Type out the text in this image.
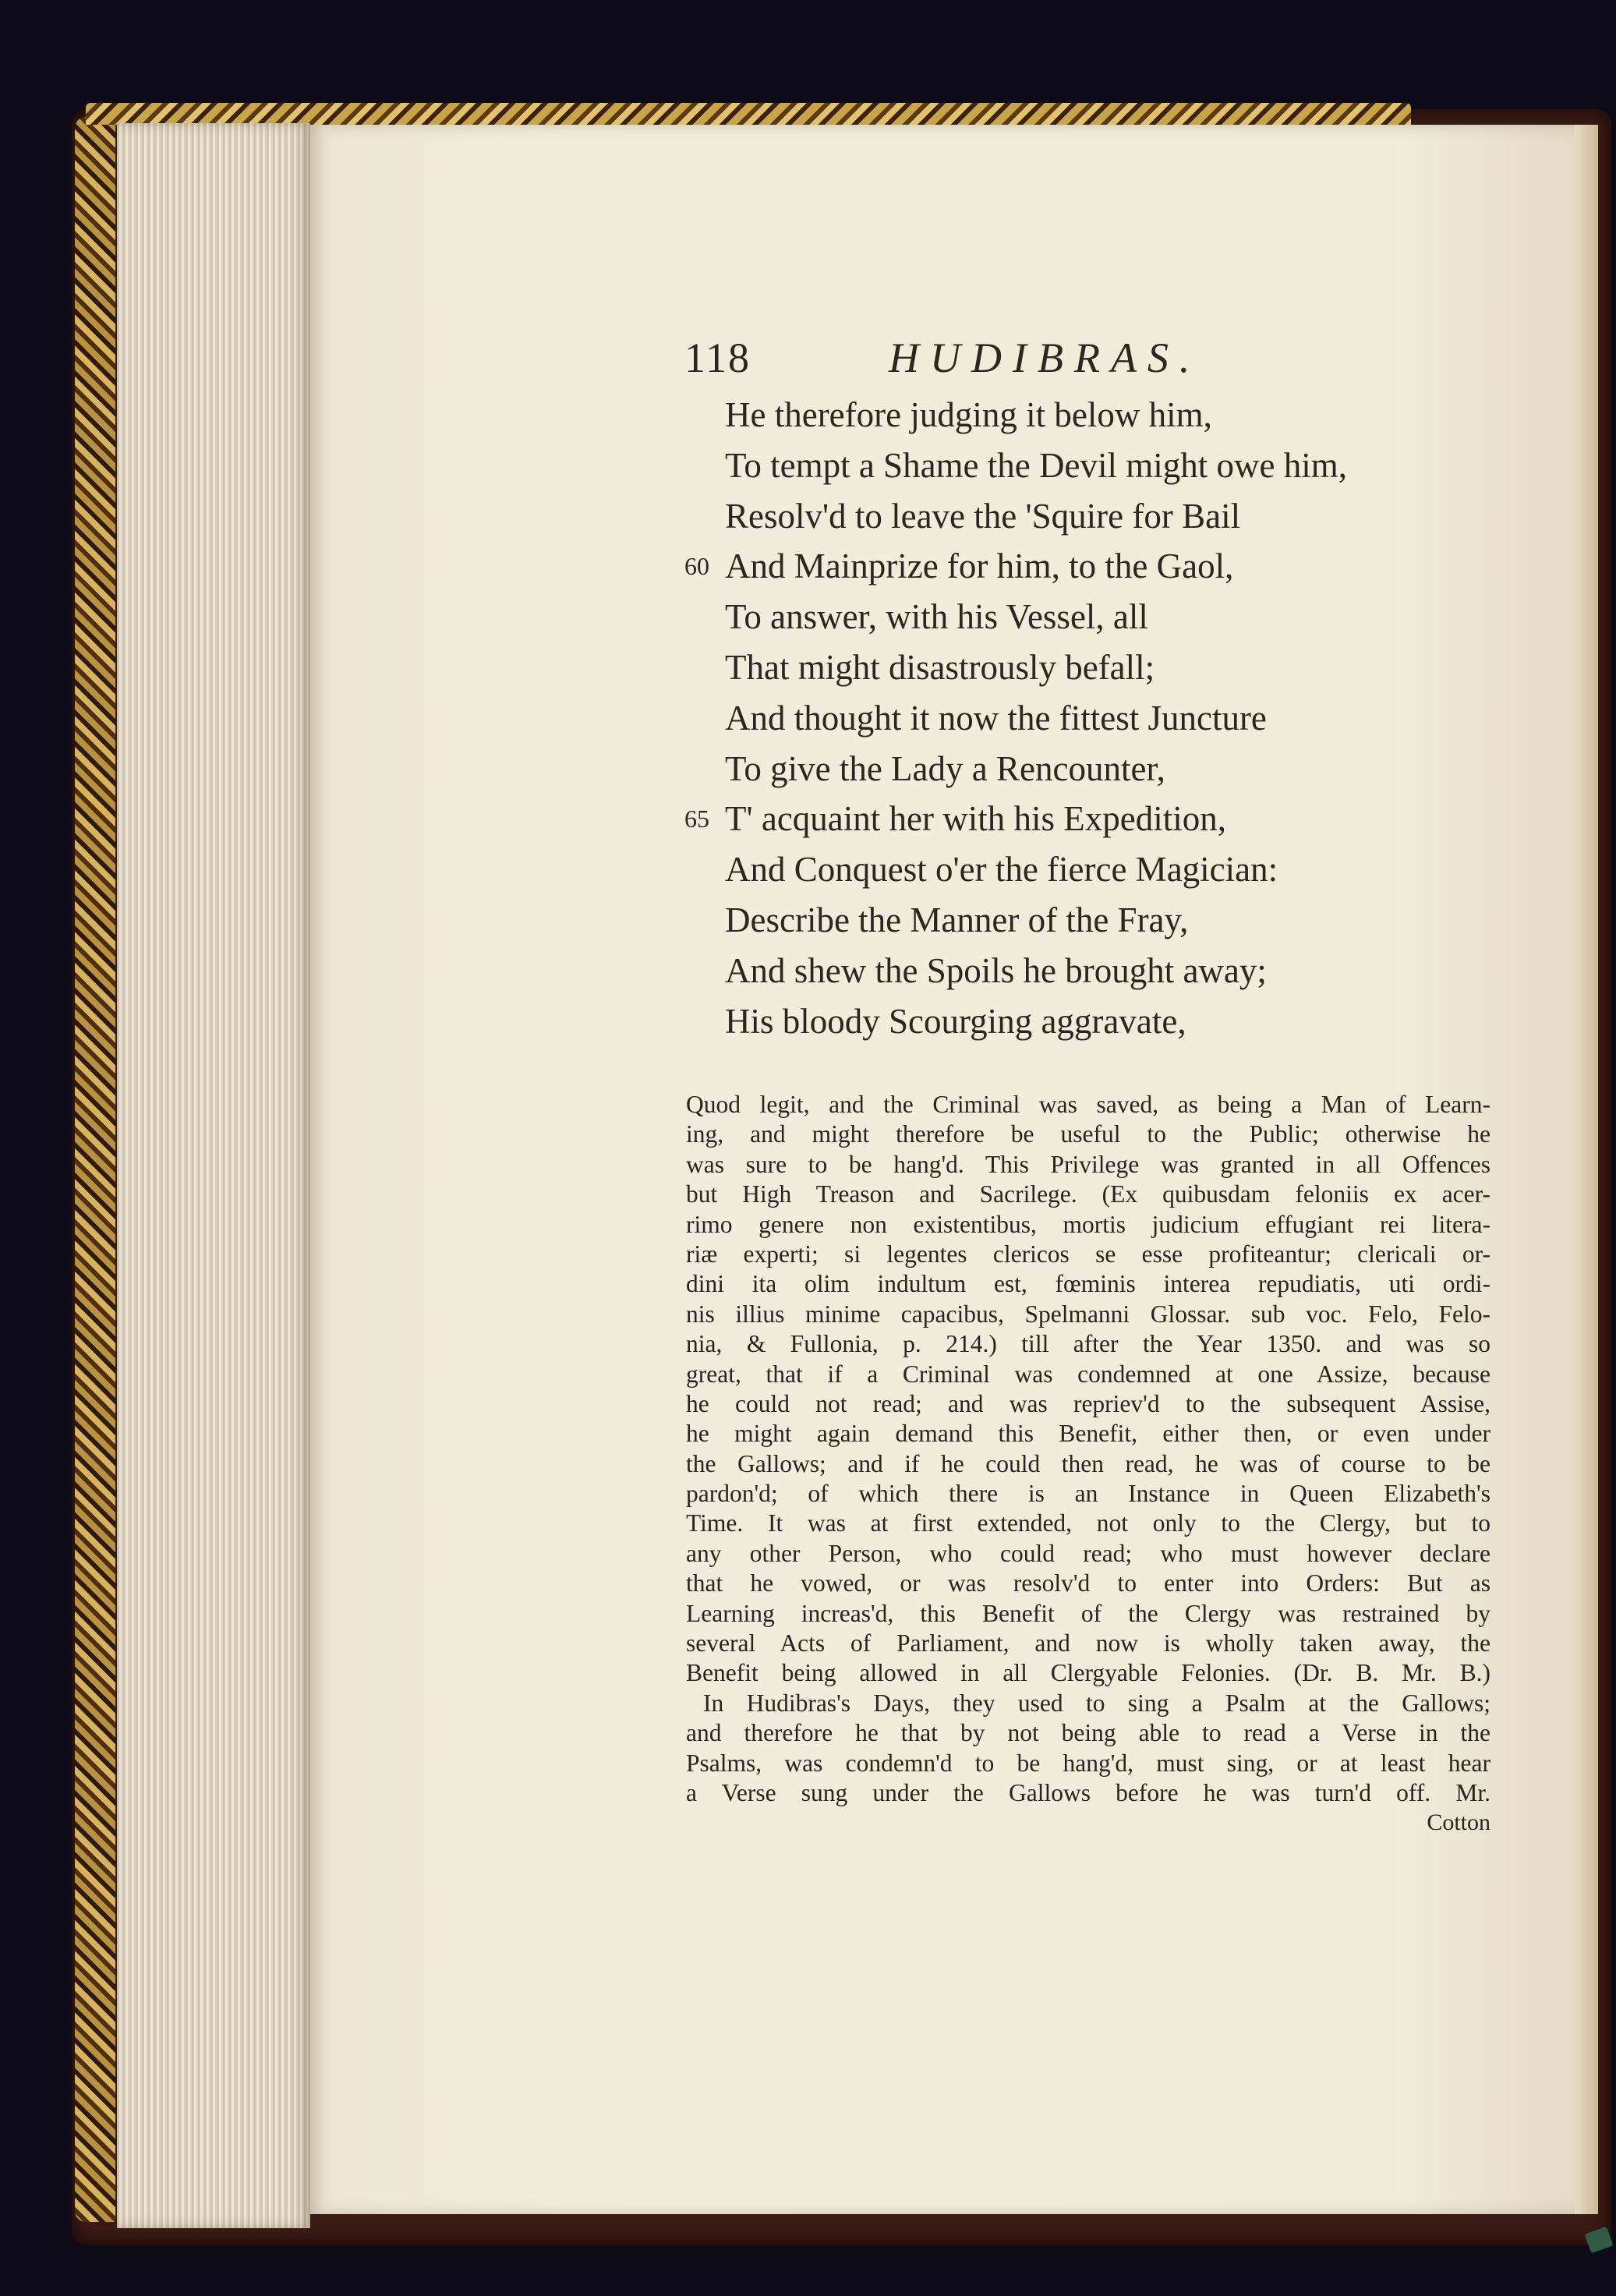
118	HUDIBRAS.
He therefore judging it below him,
To tempt a Shame the Devil might owe him,
Resolv'd to leave the 'Squire for Bail
60 And Mainprize for him, to the Gaol,
To answer, with his Vessel, all
That might disastrously befall;
And thought it now the fittest Juncture
To give the Lady a Rencounter,
65 T' acquaint her with his Expedition,
And Conquest o'er the fierce Magician:
Describe the Manner of the Fray,
And shew the Spoils he brought away;
His bloody Scourging aggravate,
Quod legit, and the Criminal was saved, as being a Man of Learn-
ing, and might therefore be useful to the Public; otherwise he
was sure to be hang'd. This Privilege was granted in all Offences
but High Treason and Sacrilege. (Ex quibusdam feloniis ex acer-
rimo genere non existentibus, mortis judicium effugiant rei litera-
riæ experti; si legentes clericos se esse profiteantur; clericali or-
dini ita olim indultum est, fœminis interea repudiatis, uti ordi-
nis illius minime capacibus, Spelmanni Glossar. sub voc. Felo, Felo-
nia, & Fullonia, p. 214.) till after the Year 1350. and was so
great, that if a Criminal was condemned at one Assize, because
he could not read; and was repriev'd to the subsequent Assise,
he might again demand this Benefit, either then, or even under
the Gallows; and if he could then read, he was of course to be
pardon'd; of which there is an Instance in Queen Elizabeth's
Time. It was at first extended, not only to the Clergy, but to
any other Person, who could read; who must however declare
that he vowed, or was resolv'd to enter into Orders: But as
Learning increas'd, this Benefit of the Clergy was restrained by
several Acts of Parliament, and now is wholly taken away, the
Benefit being allowed in all Clergyable Felonies. (Dr. B. Mr. B.)
In Hudibras's Days, they used to sing a Psalm at the Gallows;
and therefore he that by not being able to read a Verse in the
Psalms, was condemn'd to be hang'd, must sing, or at least hear
a Verse sung under the Gallows before he was turn'd off. Mr.
Cotton
